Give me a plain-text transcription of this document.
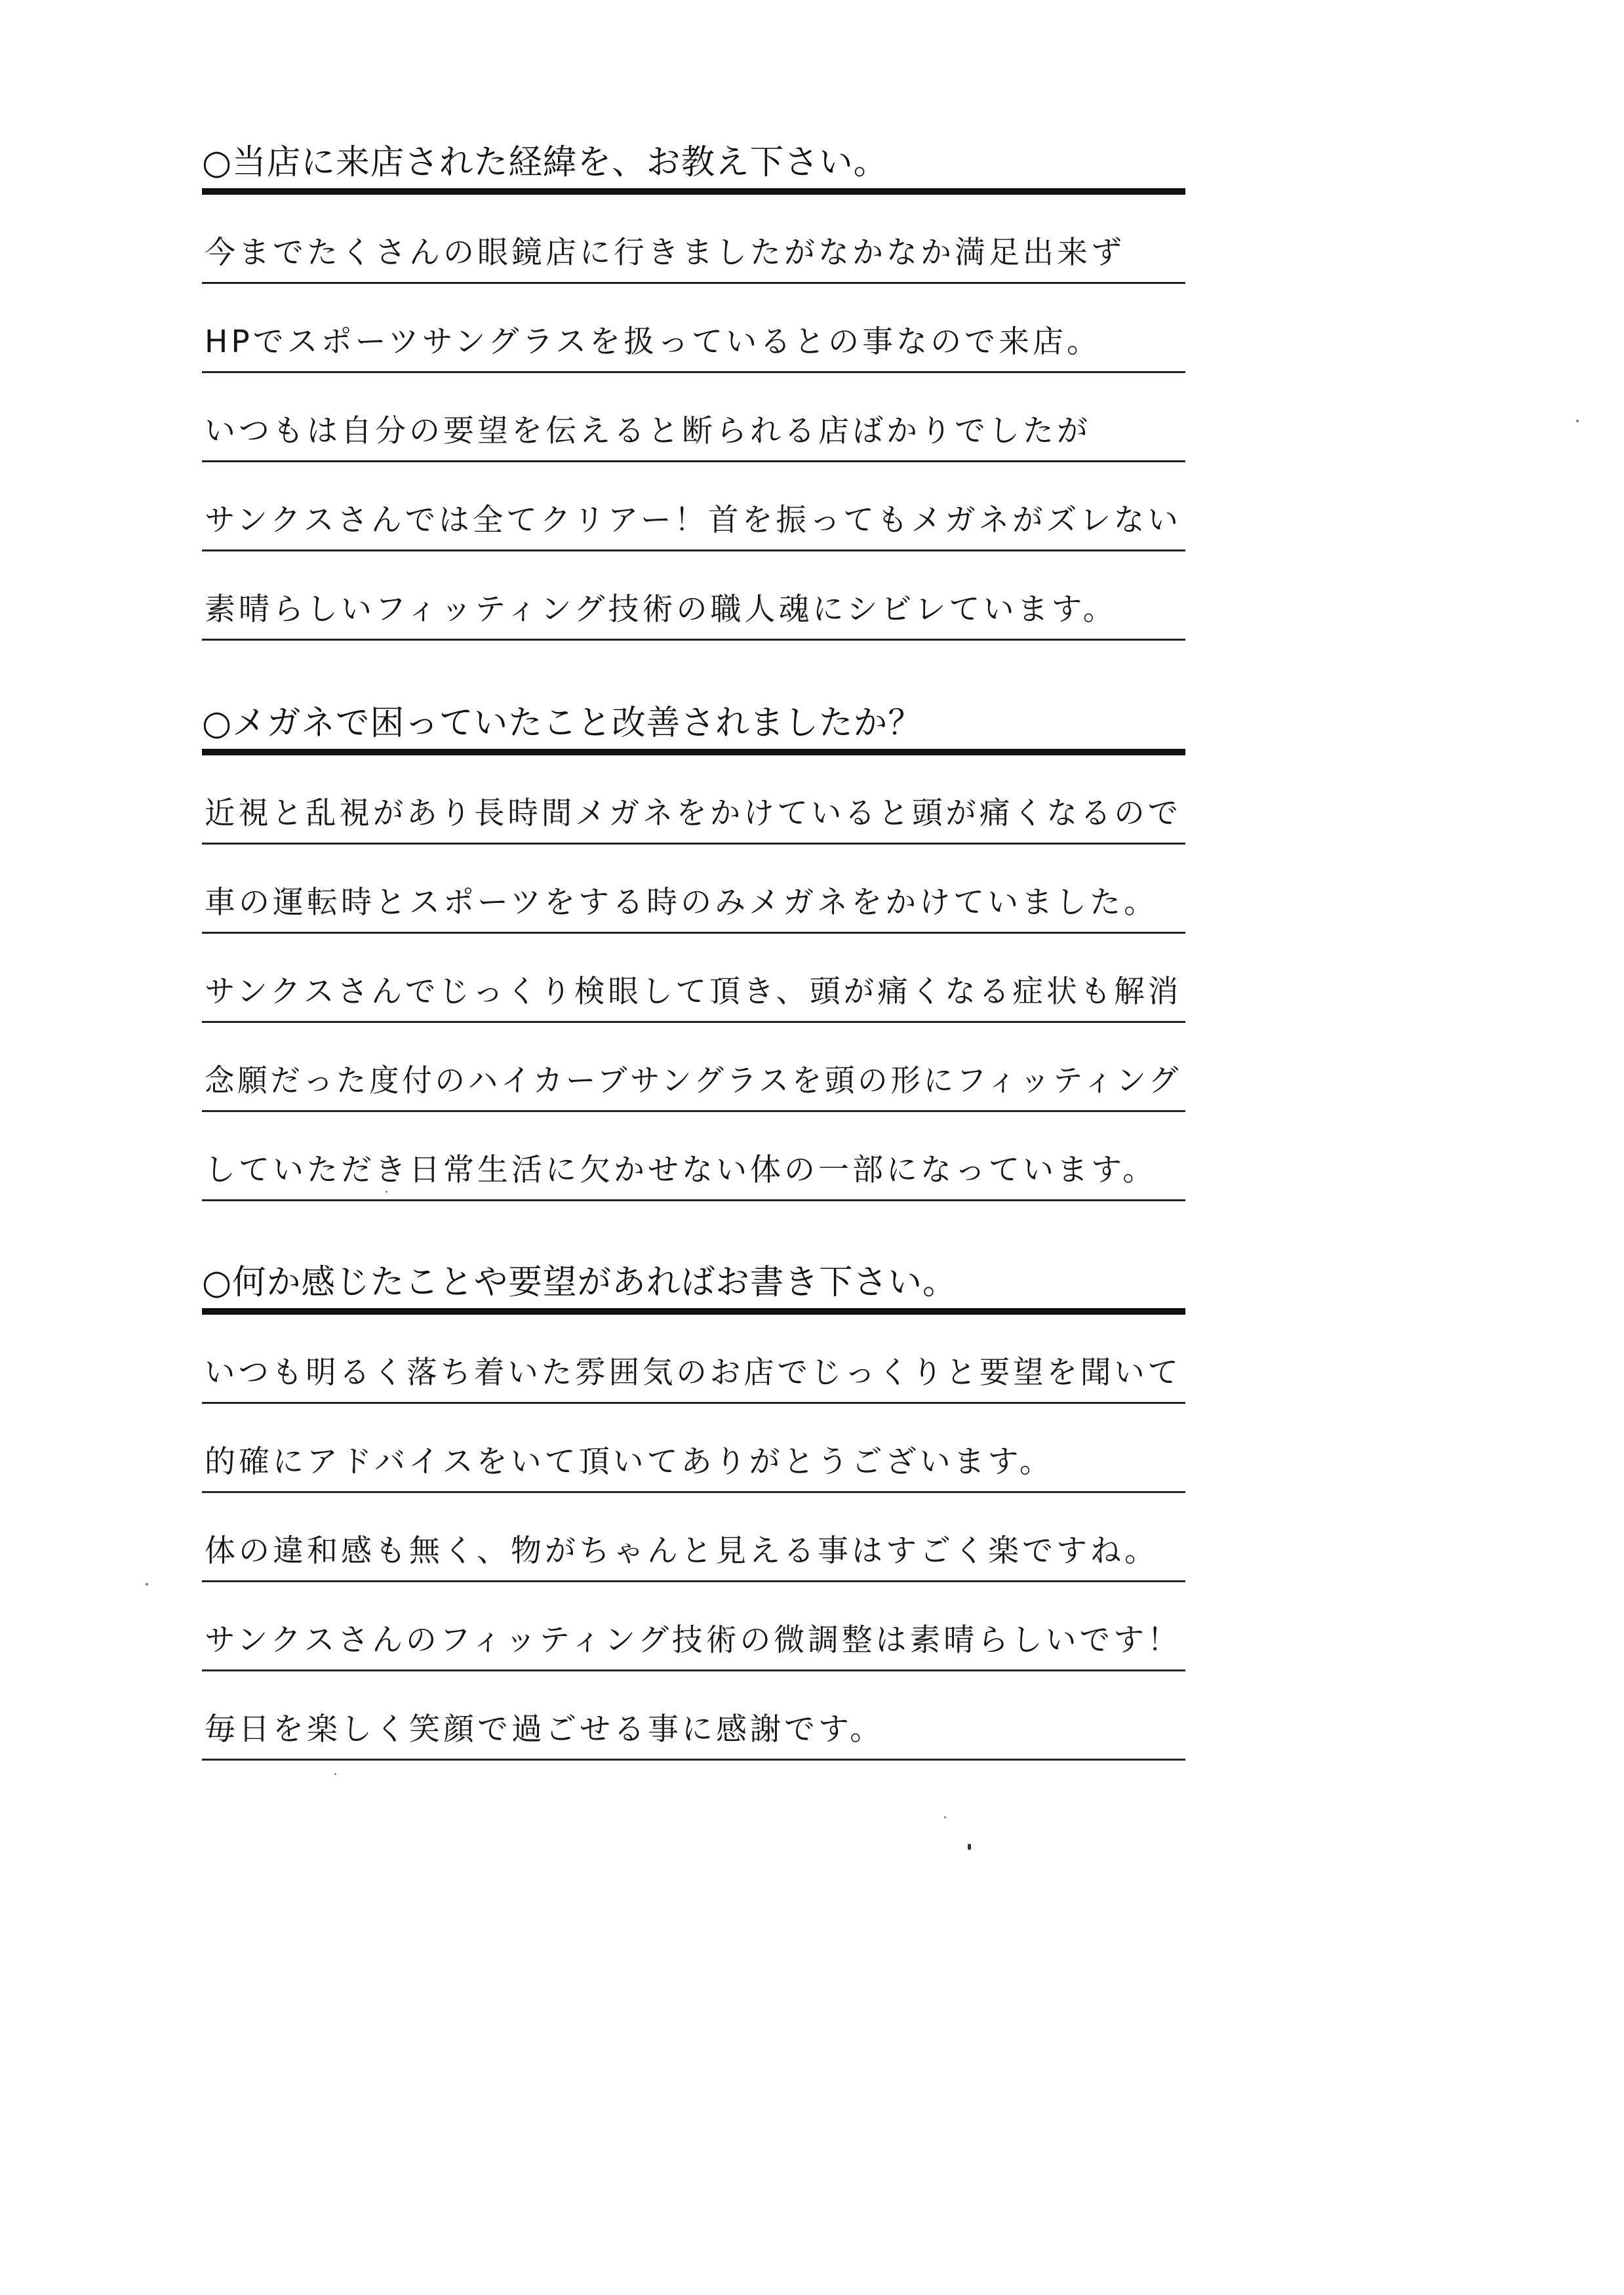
○当店に来店された経緯を、お教え下さい。
今までたくさんの眼鏡店に行きましたがなかなか満足出来ず
HPでスポーツサングラスを扱っているとの事なので来店。
いつもは自分の要望を伝えると断られる店ばかりでしたが
サンクスさんでは全てクリアー！首を振ってもメガネがズレない
素晴らしいフィッティング技術の職人魂にシビレています。
○メガネで困っていたこと改善されましたか？
近視と乱視があり長時間メガネをかけていると頭が痛くなるので
車の運転時とスポーツをする時のみメガネをかけていました。
サンクスさんでじっくり検眼して頂き、頭が痛くなる症状も解消
念願だった度付のハイカーブサングラスを頭の形にフィッティング
していただき日常生活に欠かせない体の一部になっています。
○何か感じたことや要望があればお書き下さい。
いつも明るく落ち着いた雰囲気のお店でじっくりと要望を聞いて
的確にアドバイスをいて頂いてありがとうございます。
体の違和感も無く、物がちゃんと見える事はすごく楽ですね。
サンクスさんのフィッティング技術の微調整は素晴らしいです！
毎日を楽しく笑顔で過ごせる事に感謝です。
